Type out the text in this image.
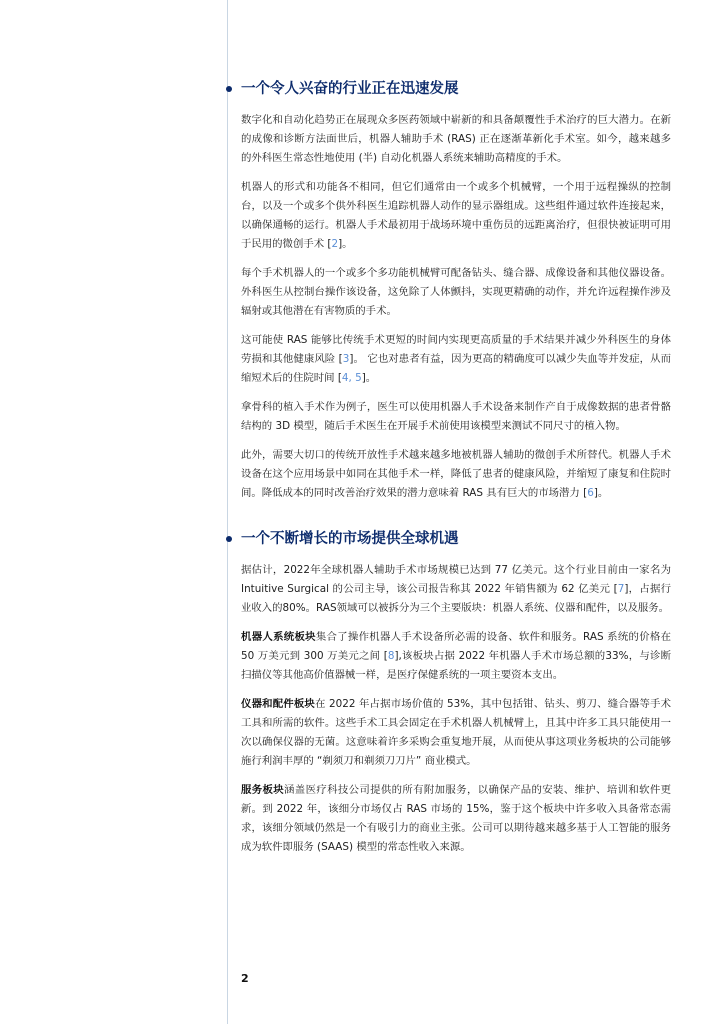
一个令人兴奋的行业正在迅速发展

数字化和自动化趋势正在展现众多医药领域中崭新的和具备颠覆性手术治疗的巨大潜力。在新的成像和诊断方法面世后，机器人辅助手术 (RAS) 正在逐渐革新化手术室。如今，越来越多的外科医生常态性地使用 (半) 自动化机器人系统来辅助高精度的手术。

机器人的形式和功能各不相同，但它们通常由一个或多个机械臂，一个用于远程操纵的控制台，以及一个或多个供外科医生追踪机器人动作的显示器组成。这些组件通过软件连接起来，以确保通畅的运行。机器人手术最初用于战场环境中重伤员的远距离治疗，但很快被证明可用于民用的微创手术 [2]。

每个手术机器人的一个或多个多功能机械臂可配备钻头、缝合器、成像设备和其他仪器设备。外科医生从控制台操作该设备，这免除了人体颤抖，实现更精确的动作，并允许远程操作涉及辐射或其他潜在有害物质的手术。

这可能使 RAS 能够比传统手术更短的时间内实现更高质量的手术结果并减少外科医生的身体劳损和其他健康风险 [3]。 它也对患者有益，因为更高的精确度可以减少失血等并发症，从而缩短术后的住院时间 [4, 5]。

拿骨科的植入手术作为例子，医生可以使用机器人手术设备来制作产自于成像数据的患者骨骼结构的 3D 模型，随后手术医生在开展手术前使用该模型来测试不同尺寸的植入物。

此外，需要大切口的传统开放性手术越来越多地被机器人辅助的微创手术所替代。机器人手术设备在这个应用场景中如同在其他手术一样，降低了患者的健康风险，并缩短了康复和住院时间。降低成本的同时改善治疗效果的潜力意味着 RAS 具有巨大的市场潜力 [6]。

一个不断增长的市场提供全球机遇

据估计，2022年全球机器人辅助手术市场规模已达到 77 亿美元。这个行业目前由一家名为 Intuitive Surgical 的公司主导，该公司报告称其 2022 年销售额为 62 亿美元 [7]，占据行业收入的80%。RAS领域可以被拆分为三个主要版块：机器人系统、仪器和配件，以及服务。

机器人系统板块集合了操作机器人手术设备所必需的设备、软件和服务。RAS 系统的价格在 50 万美元到 300 万美元之间 [8],该板块占据 2022 年机器人手术市场总额的33%，与诊断扫描仪等其他高价值器械一样，是医疗保健系统的一项主要资本支出。

仪器和配件板块在 2022 年占据市场价值的 53%，其中包括钳、钻头、剪刀、缝合器等手术工具和所需的软件。这些手术工具会固定在手术机器人机械臂上，且其中许多工具只能使用一次以确保仪器的无菌。这意味着许多采购会重复地开展，从而使从事这项业务板块的公司能够施行利润丰厚的 “剃须刀和剃须刀刀片” 商业模式。

服务板块涵盖医疗科技公司提供的所有附加服务，以确保产品的安装、维护、培训和软件更新。到 2022 年，该细分市场仅占 RAS 市场的 15%，鉴于这个板块中许多收入具备常态需求，该细分领域仍然是一个有吸引力的商业主张。公司可以期待越来越多基于人工智能的服务成为软件即服务 (SAAS) 模型的常态性收入来源。

2
